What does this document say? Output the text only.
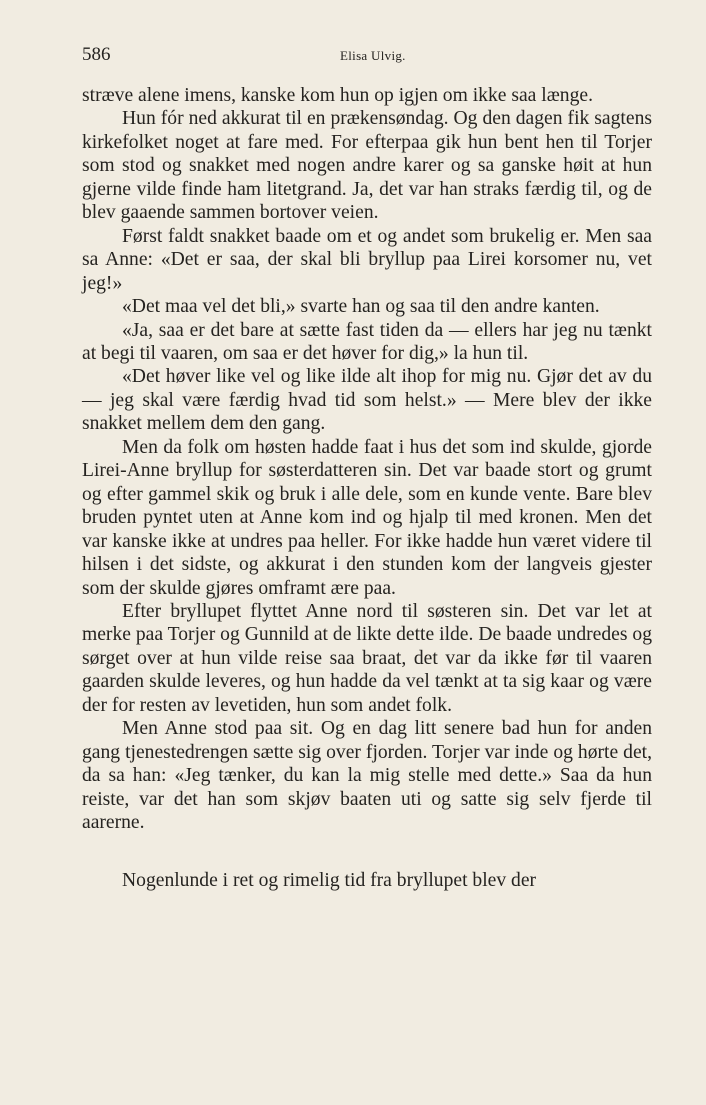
586	Elisa Ulvig.

stræve alene imens, kanske kom hun op igjen om ikke saa længe.

Hun fór ned akkurat til en prækensøndag. Og den dagen fik sagtens kirkefolket noget at fare med. For efterpaa gik hun bent hen til Torjer som stod og snakket med nogen andre karer og sa ganske høit at hun gjerne vilde finde ham litetgrand. Ja, det var han straks færdig til, og de blev gaaende sammen bortover veien.

Først faldt snakket baade om et og andet som brukelig er. Men saa sa Anne: «Det er saa, der skal bli bryllup paa Lirei korsomer nu, vet jeg!»

«Det maa vel det bli,» svarte han og saa til den andre kanten.

«Ja, saa er det bare at sætte fast tiden da — ellers har jeg nu tænkt at begi til vaaren, om saa er det høver for dig,» la hun til.

«Det høver like vel og like ilde alt ihop for mig nu. Gjør det av du — jeg skal være færdig hvad tid som helst.» — Mere blev der ikke snakket mellem dem den gang.

Men da folk om høsten hadde faat i hus det som ind skulde, gjorde Lirei-Anne bryllup for søsterdatteren sin. Det var baade stort og grumt og efter gammel skik og bruk i alle dele, som en kunde vente. Bare blev bruden pyntet uten at Anne kom ind og hjalp til med kronen. Men det var kanske ikke at undres paa heller. For ikke hadde hun været videre til hilsen i det sidste, og akkurat i den stunden kom der langveis gjester som der skulde gjøres omframt ære paa.

Efter bryllupet flyttet Anne nord til søsteren sin. Det var let at merke paa Torjer og Gunnild at de likte dette ilde. De baade undredes og sørget over at hun vilde reise saa braat, det var da ikke før til vaaren gaarden skulde leveres, og hun hadde da vel tænkt at ta sig kaar og være der for resten av levetiden, hun som andet folk.

Men Anne stod paa sit. Og en dag litt senere bad hun for anden gang tjenestedrengen sætte sig over fjorden. Torjer var inde og hørte det, da sa han: «Jeg tænker, du kan la mig stelle med dette.» Saa da hun reiste, var det han som skjøv baaten uti og satte sig selv fjerde til aarerne.

Nogenlunde i ret og rimelig tid fra bryllupet blev der
